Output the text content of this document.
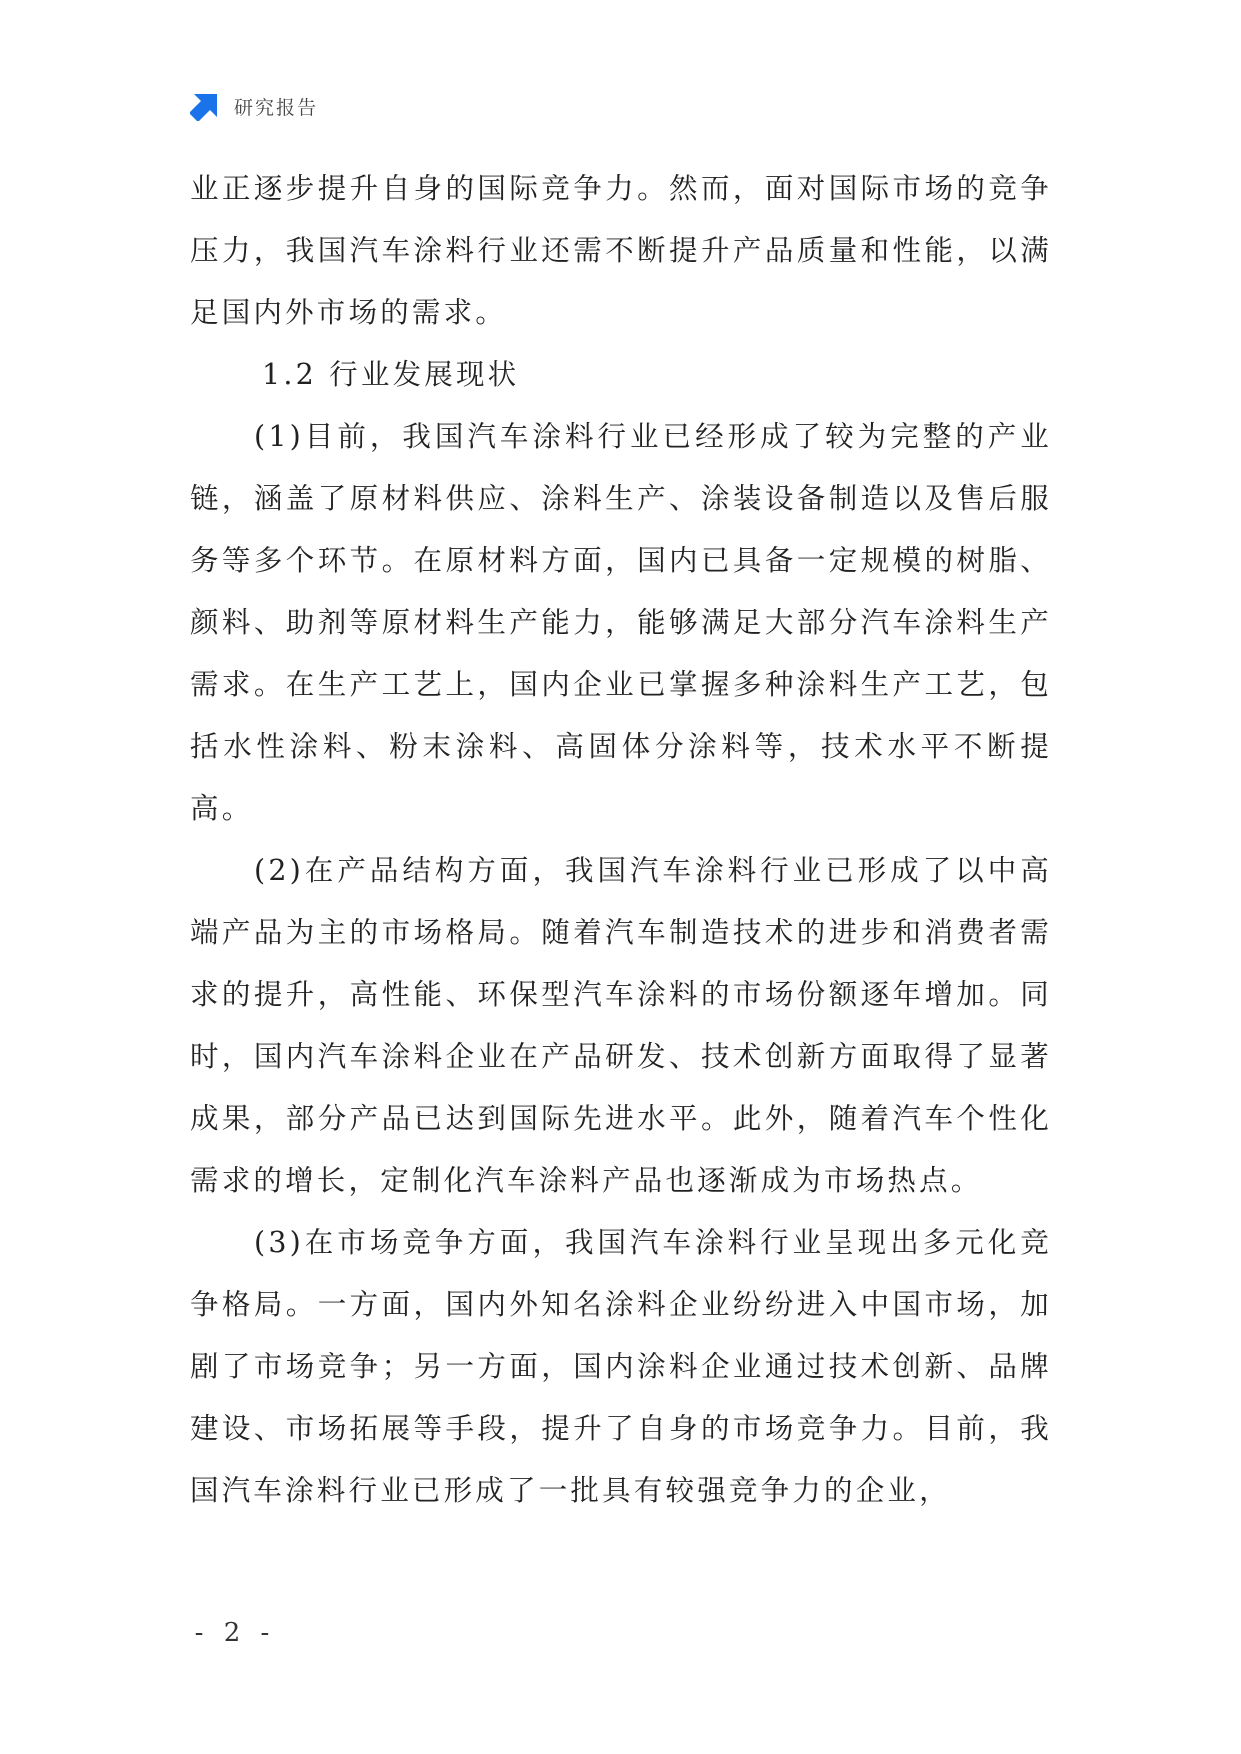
研究报告

业正逐步提升自身的国际竞争力。然而，面对国际市场的竞争压力，我国汽车涂料行业还需不断提升产品质量和性能，以满足国内外市场的需求。

1.2 行业发展现状

(1)目前，我国汽车涂料行业已经形成了较为完整的产业链，涵盖了原材料供应、涂料生产、涂装设备制造以及售后服务等多个环节。在原材料方面，国内已具备一定规模的树脂、颜料、助剂等原材料生产能力，能够满足大部分汽车涂料生产需求。在生产工艺上，国内企业已掌握多种涂料生产工艺，包括水性涂料、粉末涂料、高固体分涂料等，技术水平不断提高。

(2)在产品结构方面，我国汽车涂料行业已形成了以中高端产品为主的市场格局。随着汽车制造技术的进步和消费者需求的提升，高性能、环保型汽车涂料的市场份额逐年增加。同时，国内汽车涂料企业在产品研发、技术创新方面取得了显著成果，部分产品已达到国际先进水平。此外，随着汽车个性化需求的增长，定制化汽车涂料产品也逐渐成为市场热点。

(3)在市场竞争方面，我国汽车涂料行业呈现出多元化竞争格局。一方面，国内外知名涂料企业纷纷进入中国市场，加剧了市场竞争；另一方面，国内涂料企业通过技术创新、品牌建设、市场拓展等手段，提升了自身的市场竞争力。目前，我国汽车涂料行业已形成了一批具有较强竞争力的企业，

- 2 -
